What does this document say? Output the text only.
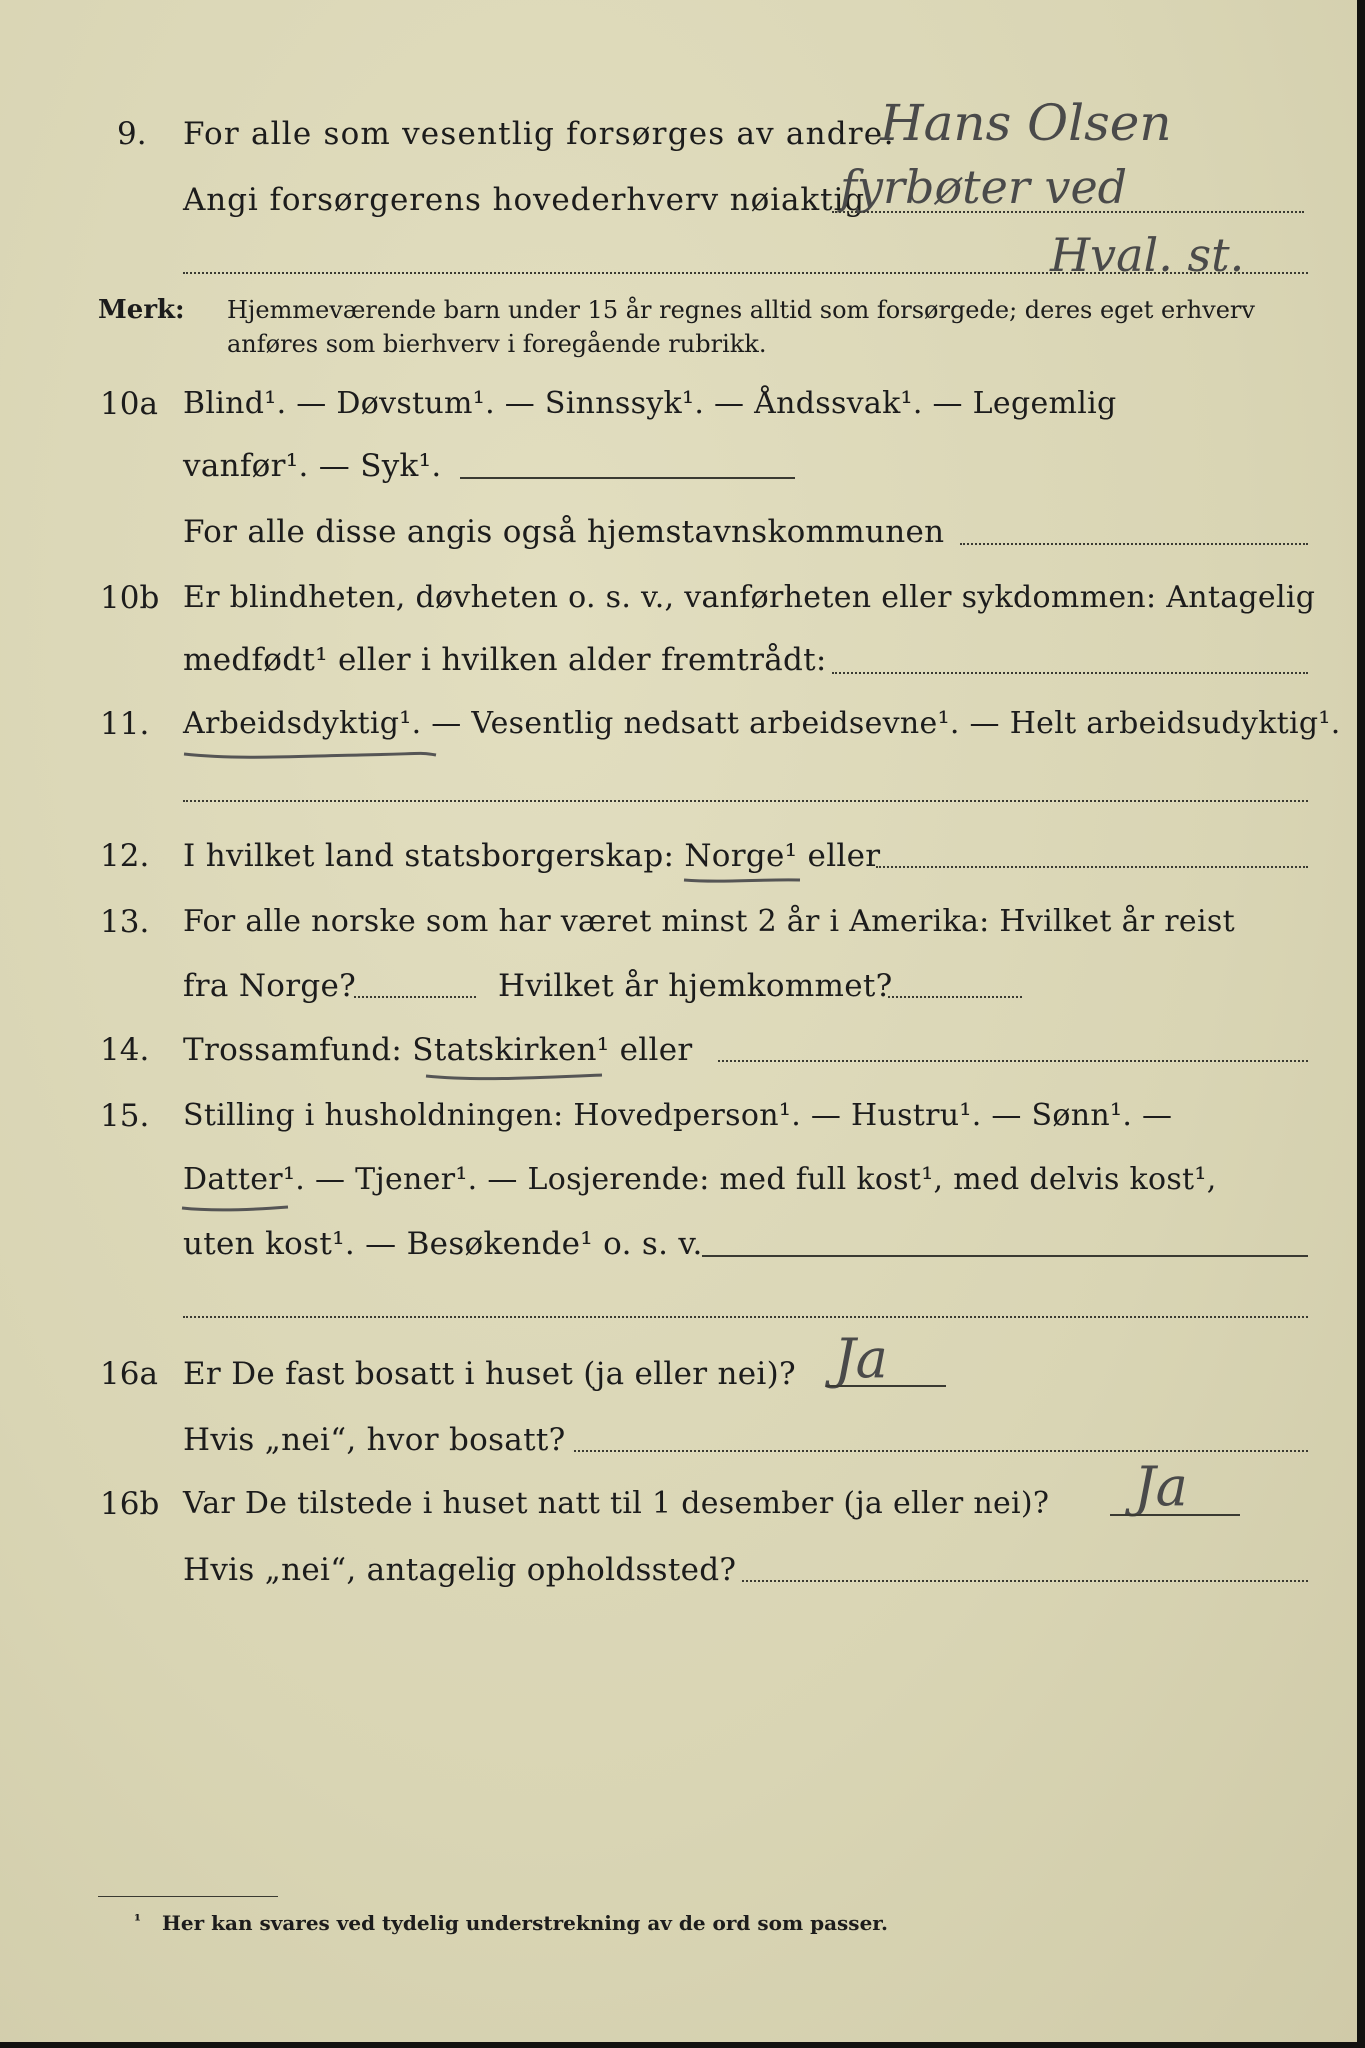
9. For alle som vesentlig forsørges av andre:
Hans Olsen
Angi forsørgerens hovederhverv nøiaktig
fyrbøter ved
Hval. st.
Merk: Hjemmeværende barn under 15 år regnes alltid som forsørgede; deres eget erhverv
anføres som bierhverv i foregående rubrikk.
10a Blind¹. — Døvstum¹. — Sinnssyk¹. — Åndssvak¹. — Legemlig
vanfør¹. — Syk¹.
For alle disse angis også hjemstavnskommunen
10b Er blindheten, døvheten o. s. v., vanførheten eller sykdommen: Antagelig
medfødt¹ eller i hvilken alder fremtrådt:
11. Arbeidsdyktig¹. — Vesentlig nedsatt arbeidsevne¹. — Helt arbeidsudyktig¹.
12. I hvilket land statsborgerskap: Norge¹ eller
13. For alle norske som har været minst 2 år i Amerika: Hvilket år reist
fra Norge?	Hvilket år hjemkommet?
14. Trossamfund: Statskirken¹ eller
15. Stilling i husholdningen: Hovedperson¹. — Hustru¹. — Sønn¹. —
Datter¹. — Tjener¹. — Losjerende: med full kost¹, med delvis kost¹,
uten kost¹. — Besøkende¹ o. s. v.
16a Er De fast bosatt i huset (ja eller nei)? Ja
Hvis „nei“, hvor bosatt?
16b Var De tilstede i huset natt til 1 desember (ja eller nei)? Ja
Hvis „nei“, antagelig opholdssted?
¹ Her kan svares ved tydelig understrekning av de ord som passer.
